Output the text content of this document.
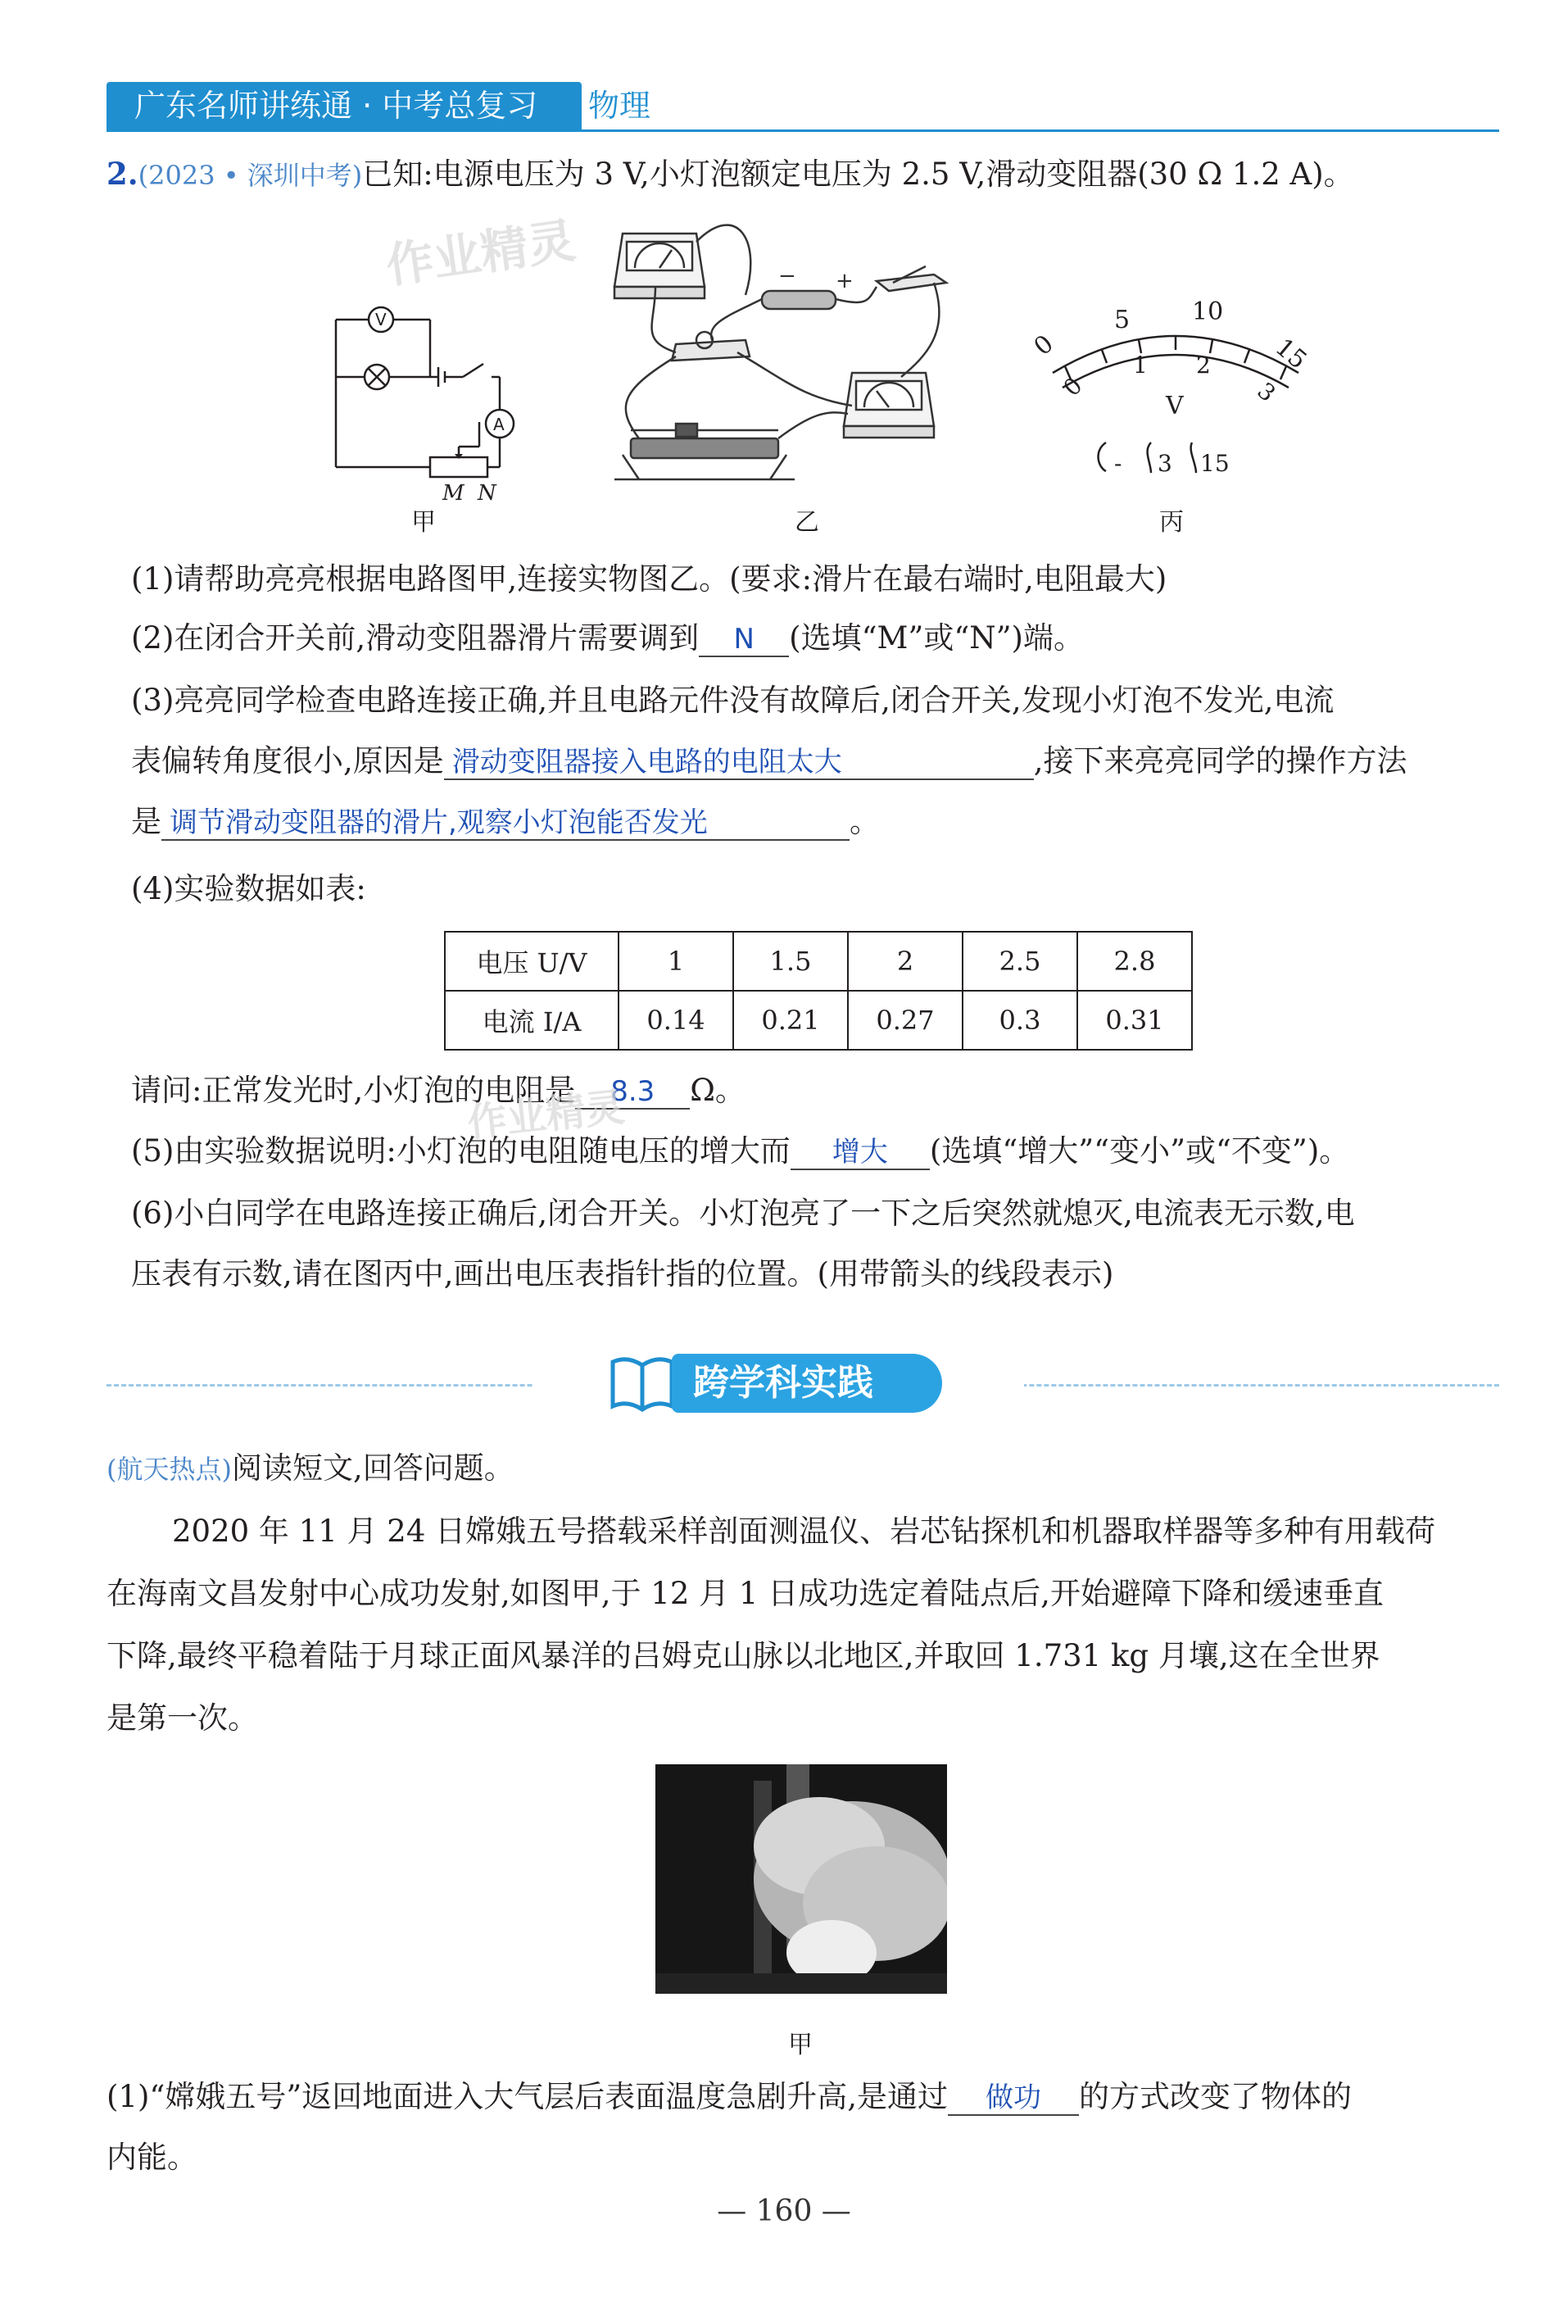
广东名师讲练通 · 中考总复习 物理
2.(2023 • 深圳中考)已知:电源电压为 3 V,小灯泡额定电压为 2.5 V,滑动变阻器(30 Ω 1.2 A)。
作业精灵
V
A
M N
甲
− +
乙
0
5	10
15
0
1 2
3
V
- 3 15
丙
(1)请帮助亮亮根据电路图甲,连接实物图乙。(要求:滑片在最右端时,电阻最大)
(2)在闭合开关前,滑动变阻器滑片需要调到 N (选填“M”或“N”)端。
(3)亮亮同学检查电路连接正确,并且电路元件没有故障后,闭合开关,发现小灯泡不发光,电流
表偏转角度很小,原因是 滑动变阻器接入电路的电阻太大	,接下来亮亮同学的操作方法
是 调节滑动变阻器的滑片,观察小灯泡能否发光	。
(4)实验数据如表:
电压 U/V	1	1.5	2	2.5	2.8
电流 I/A	0.14	0.21	0.27	0.3	0.31
请问:正常发光时,小灯泡的电阻是 8.3 Ω。
作业精灵
(5)由实验数据说明:小灯泡的电阻随电压的增大而 增大 (选填“增大”“变小”或“不变”)。
(6)小白同学在电路连接正确后,闭合开关。小灯泡亮了一下之后突然就熄灭,电流表无示数,电
压表有示数,请在图丙中,画出电压表指针指的位置。(用带箭头的线段表示)
跨学科实践
(航天热点)阅读短文,回答问题。
2020 年 11 月 24 日嫦娥五号搭载采样剖面测温仪、岩芯钻探机和机器取样器等多种有用载荷
在海南文昌发射中心成功发射,如图甲,于 12 月 1 日成功选定着陆点后,开始避障下降和缓速垂直
下降,最终平稳着陆于月球正面风暴洋的吕姆克山脉以北地区,并取回 1.731 kg 月壤,这在全世界
是第一次。
甲
(1)“嫦娥五号”返回地面进入大气层后表面温度急剧升高,是通过 做功 的方式改变了物体的
内能。
— 160 —
